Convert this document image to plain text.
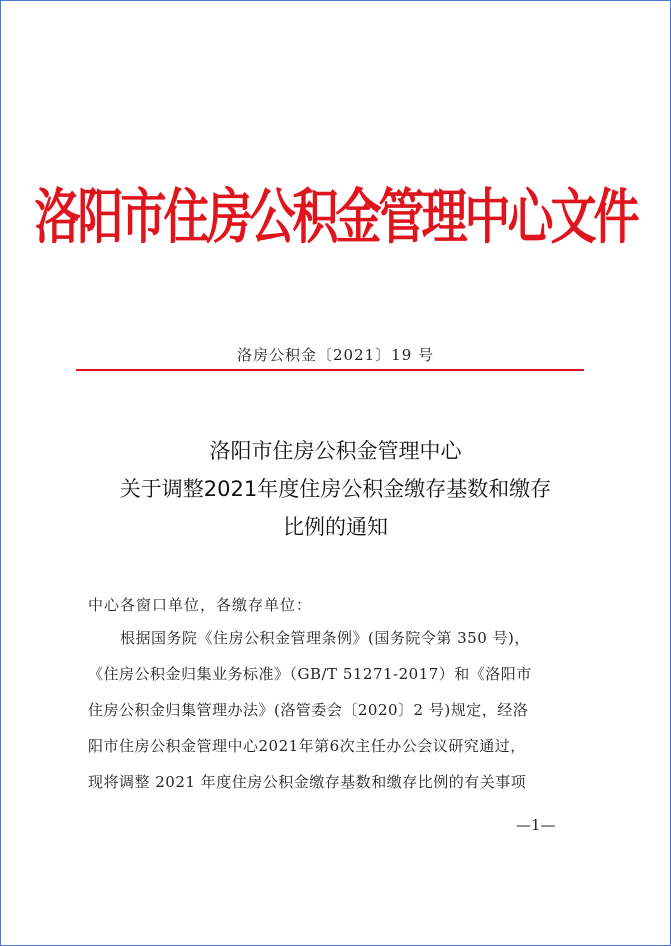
洛阳市住房公积金管理中心文件
洛房公积金〔2021〕19 号
洛阳市住房公积金管理中心
关于调整2021年度住房公积金缴存基数和缴存
比例的通知
中心各窗口单位，各缴存单位：
根据国务院《住房公积金管理条例》(国务院令第 350 号)，
《住房公积金归集业务标准》（GB/T 51271-2017）和《洛阳市
住房公积金归集管理办法》(洛管委会〔2020〕2 号)规定，经洛
阳市住房公积金管理中心2021年第6次主任办公会议研究通过，
现将调整 2021 年度住房公积金缴存基数和缴存比例的有关事项
—1—
